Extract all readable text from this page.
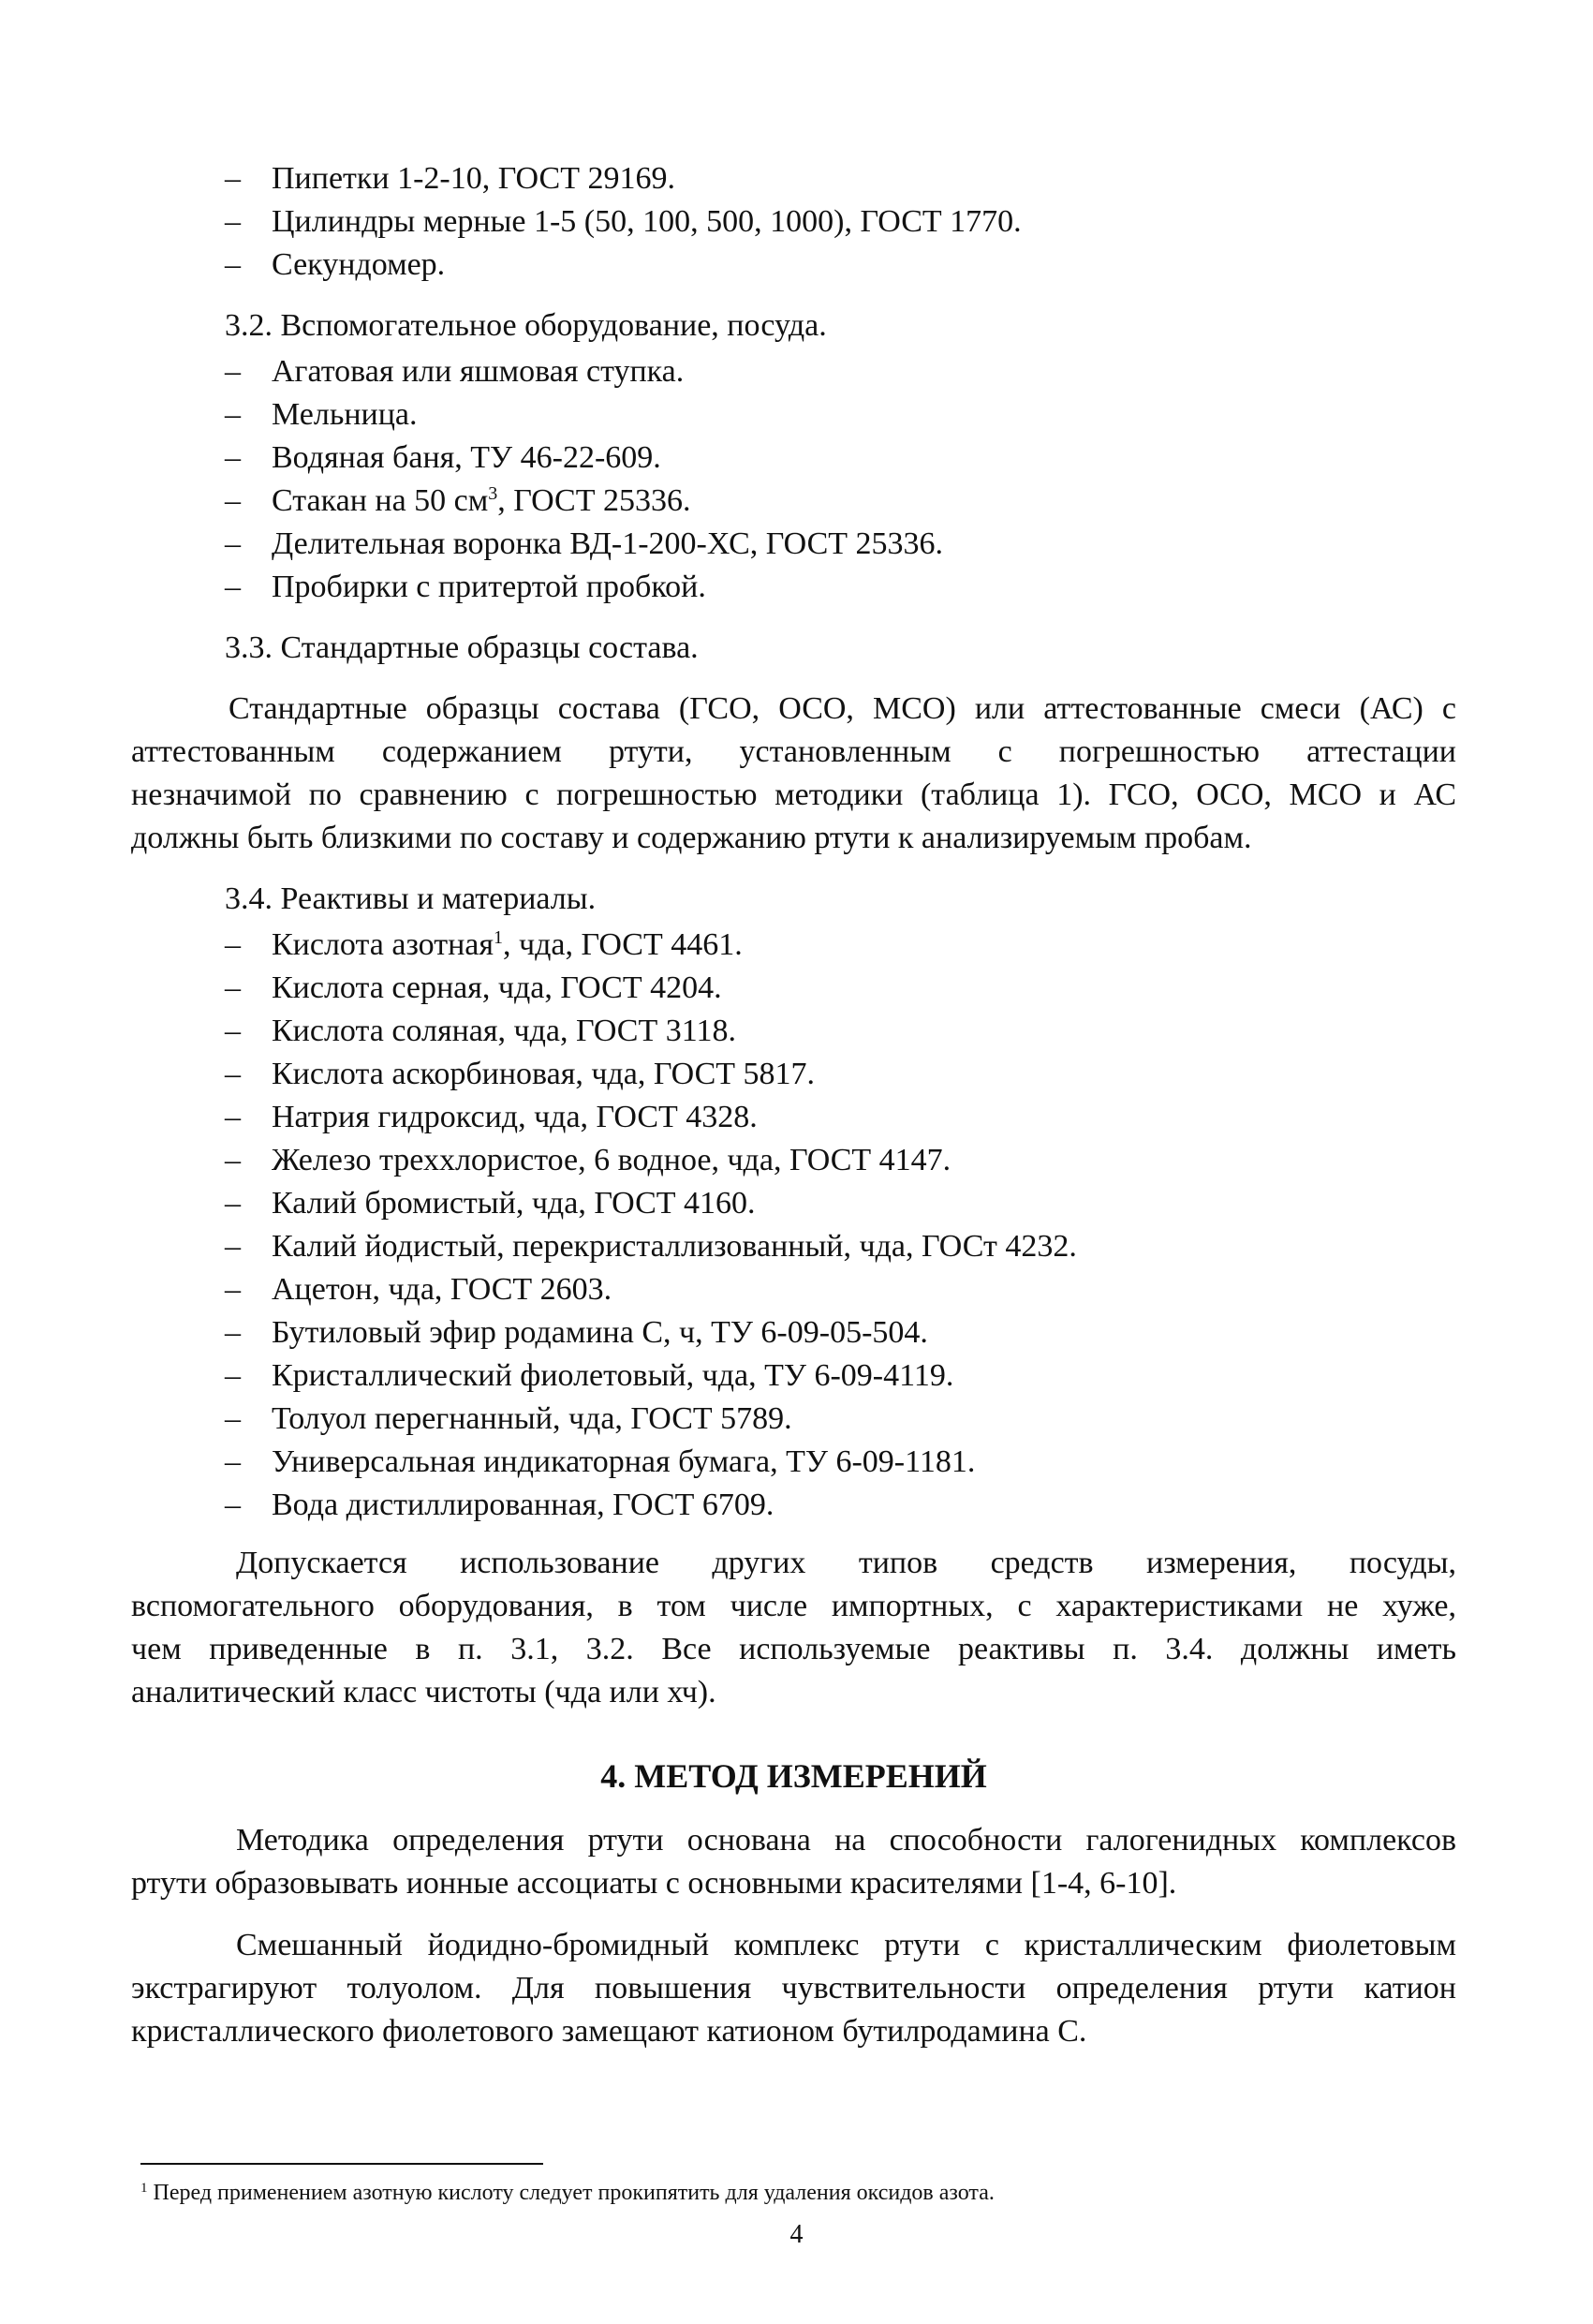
– Пипетки 1-2-10, ГОСТ 29169.
– Цилиндры мерные 1-5 (50, 100, 500, 1000), ГОСТ 1770.
– Секундомер.
3.2. Вспомогательное оборудование, посуда.
– Агатовая или яшмовая ступка.
– Мельница.
– Водяная баня, ТУ 46-22-609.
– Стакан на 50 $см^3$, ГОСТ 25336.
– Делительная воронка ВД-1-200-ХС, ГОСТ 25336.
– Пробирки с притертой пробкой.
3.3. Стандартные образцы состава.
Стандартные образцы состава (ГСО, ОСО, МСО) или аттестованные смеси (АС) с
аттестованным содержанием ртути, установленным с погрешностью аттестации
незначимой по сравнению с погрешностью методики (таблица 1). ГСО, ОСО, МСО и АС
должны быть близкими по составу и содержанию ртути к анализируемым пробам.
3.4. Реактивы и материалы.
– Кислота азотная$^1$, чда, ГОСТ 4461.
– Кислота серная, чда, ГОСТ 4204.
– Кислота соляная, чда, ГОСТ 3118.
– Кислота аскорбиновая, чда, ГОСТ 5817.
– Натрия гидроксид, чда, ГОСТ 4328.
– Железо трехxлористое, 6 водное, чда, ГОСТ 4147.
– Калий бромистый, чда, ГОСТ 4160.
– Калий йодистый, перекристаллизованный, чда, ГОСт 4232.
– Ацетон, чда, ГОСТ 2603.
– Бутиловый эфир родамина С, ч, ТУ 6-09-05-504.
– Кристаллический фиолетовый, чда, ТУ 6-09-4119.
– Толуол перегнанный, чда, ГОСТ 5789.
– Универсальная индикаторная бумага, ТУ 6-09-1181.
– Вода дистиллированная, ГОСТ 6709.
Допускается использование других типов средств измерения, посуды,
вспомогательного оборудования, в том числе импортных, с характеристиками не хуже,
чем приведенные в п. 3.1, 3.2. Все используемые реактивы п. 3.4. должны иметь
аналитический класс чистоты (чда или хч).
4. МЕТОД ИЗМЕРЕНИЙ
Методика определения ртути основана на способности галогенидных комплексов
ртути образовывать ионные ассоциаты с основными красителями [1-4, 6-10].
Смешанный йодидно-бромидный комплекс ртути с кристаллическим фиолетовым
экстрагируют толуолом. Для повышения чувствительности определения ртути катион
кристаллического фиолетового замещают катионом бутилродамина С.
$^1$ Перед применением азотную кислоту следует прокипятить для удаления оксидов азота.
4
